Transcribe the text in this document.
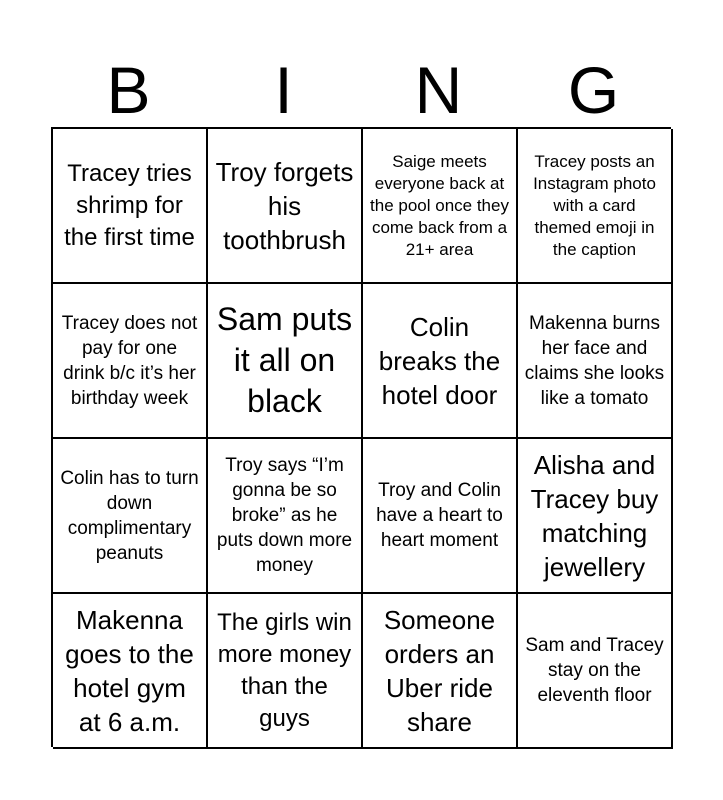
B	I	N	G
Tracey tries shrimp for the first time
Troy forgets his toothbrush
Saige meets everyone back at the pool once they come back from a 21+ area
Tracey posts an Instagram photo with a card themed emoji in the caption
Tracey does not pay for one drink b/c it’s her birthday week
Sam puts it all on black
Colin breaks the hotel door
Makenna burns her face and claims she looks like a tomato
Colin has to turn down complimentary peanuts
Troy says “I’m gonna be so broke” as he puts down more money
Troy and Colin have a heart to heart moment
Alisha and Tracey buy matching jewellery
Makenna goes to the hotel gym at 6 a.m.
The girls win more money than the guys
Someone orders an Uber ride share
Sam and Tracey stay on the eleventh floor
